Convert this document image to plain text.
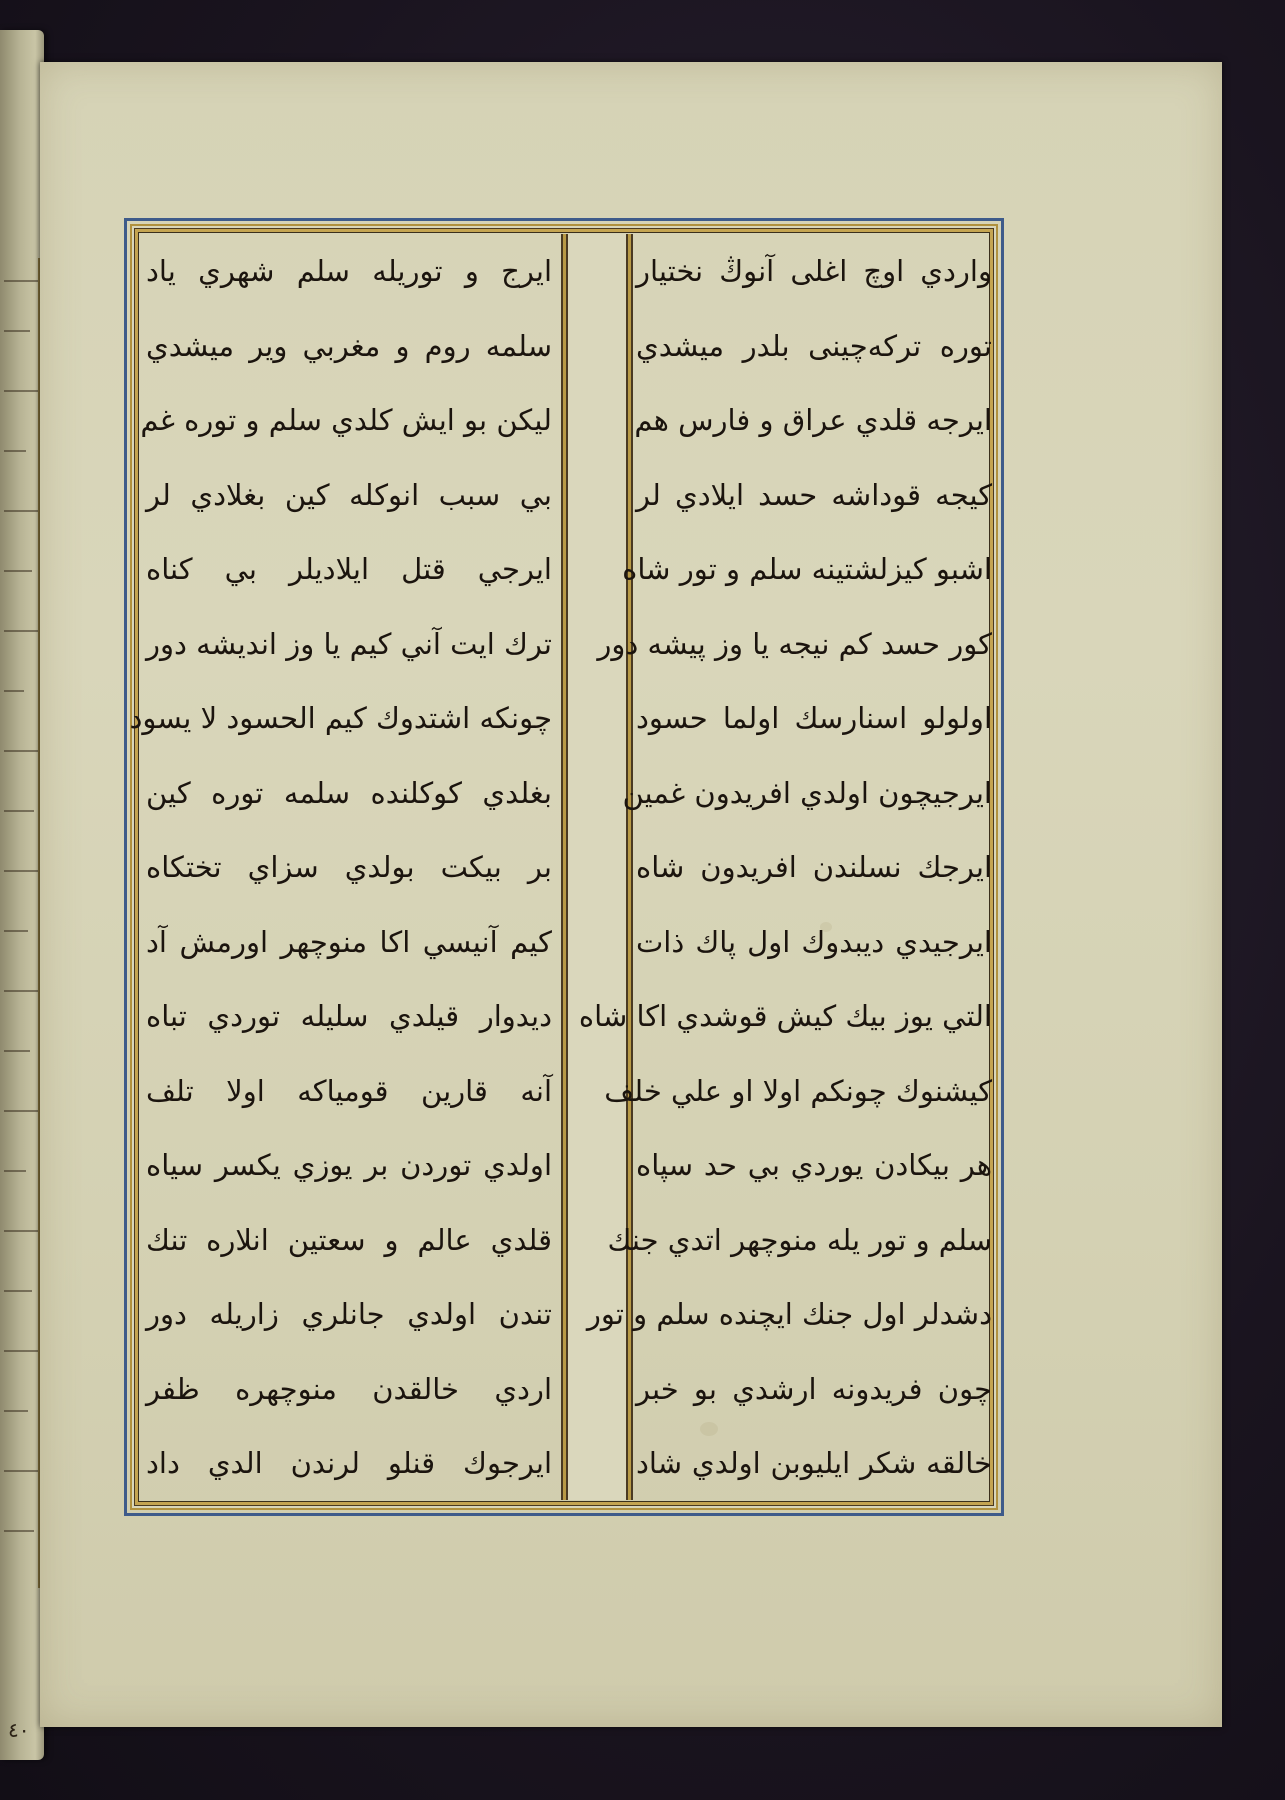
واردي اوچ اغلی آنوڭ نختيار
تورە تركەچينی بلدر ميشدي
ايرجه قلدي عراق و فارس هم
كيجه قوداشه حسد ايلادي لر
اشبو كيزلشتينه سلم و تور شاه
كور حسد كم نيجه يا وز پيشه دور
اولولو اسنارسك اولما حسود
ايرجيچون اولدي افريدون غمين
ايرجك نسلندن افريدون شاه
ايرجيدي ديبدوك اول پاك ذات
التي يوز بيك كيش قوشدي اكا شاه
كيشنوك چونكم اولا او علي خلف
هر بيكادن يوردي بي حد سپاه
سلم و تور يله منوچهر اتدي جنك
دشدلر اول جنك ايچنده سلم و تور
چون فريدونه ارشدي بو خبر
خالقه شكر ايليوبن اولدي شاد
ايرج و توريله سلم شهري ياد
سلمه روم و مغربي وير ميشدي
ليكن بو ايش كلدي سلم و توره غم
بي سبب انوكله كين بغلادي لر
ايرجي قتل ايلاديلر بي كناه
ترك ايت آني كيم يا وز انديشه دور
چونكه اشتدوك كيم الحسود لا يسود
بغلدي كوكلنده سلمه توره كين
بر بيكت بولدي سزاي تختكاه
كيم آنيسي اكا منوچهر اورمش آد
ديدوار قيلدي سليله توردي تباه
آنه قارين قومياكه اولا تلف
اولدي توردن بر يوزي يكسر سياه
قلدي عالم و سعتين انلاره تنك
تندن اولدي جانلري زاريله دور
اردي خالقدن منوچهره ظفر
ايرجوك قنلو لرندن الدي داد
٤٠
